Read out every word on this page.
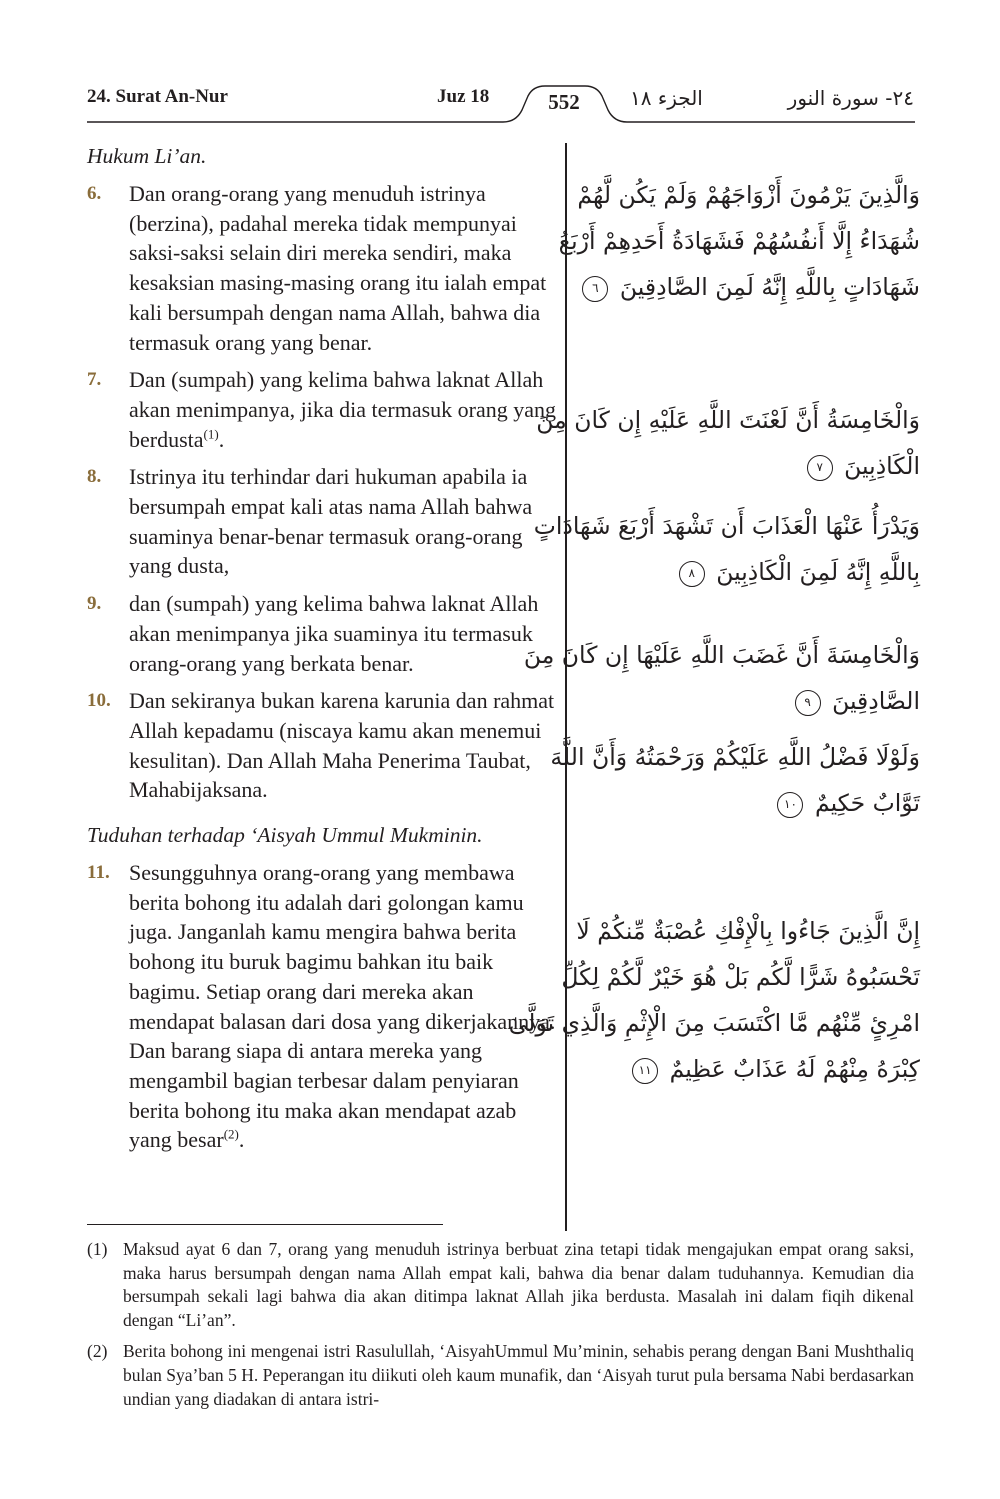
24. Surat An-Nur	Juz 18	552	الجزء ١٨	٢٤- سورة النور
Hukum Li’an.
6.	Dan orang-orang yang menuduh istrinya (berzina), padahal mereka tidak mempunyai saksi-saksi selain diri mereka sendiri, maka kesaksian masing-masing orang itu ialah empat kali bersumpah dengan nama Allah, bahwa dia termasuk orang yang benar.
7.	Dan (sumpah) yang kelima bahwa laknat Allah akan menimpanya, jika dia termasuk orang yang berdusta$^{(1)}$.
8.	Istrinya itu terhindar dari hukuman apabila ia bersumpah empat kali atas nama Allah bahwa suaminya benar-benar termasuk orang-orang yang dusta,
9.	dan (sumpah) yang kelima bahwa laknat Allah akan menimpanya jika suaminya itu termasuk orang-orang yang berkata benar.
10. Dan sekiranya bukan karena karunia dan rahmat Allah kepadamu (niscaya kamu akan menemui kesulitan). Dan Allah Maha Penerima Taubat, Mahabijaksana.
Tuduhan terhadap ‘Aisyah Ummul Mukminin.
11. Sesungguhnya orang-orang yang membawa berita bohong itu adalah dari golongan kamu juga. Janganlah kamu mengira bahwa berita bohong itu buruk bagimu bahkan itu baik bagimu. Setiap orang dari mereka akan mendapat balasan dari dosa yang dikerjakannya. Dan barang siapa di antara mereka yang mengambil bagian terbesar dalam penyiaran berita bohong itu maka akan mendapat azab yang besar$^{(2)}$.
وَالَّذِينَ يَرْمُونَ أَزْوَاجَهُمْ وَلَمْ يَكُن لَّهُمْ
شُهَدَاءُ إِلَّا أَنفُسُهُمْ فَشَهَادَةُ أَحَدِهِمْ أَرْبَعُ
شَهَادَاتٍ بِاللَّهِ إِنَّهُ لَمِنَ الصَّادِقِينَ ٦
وَالْخَامِسَةُ أَنَّ لَعْنَتَ اللَّهِ عَلَيْهِ إِن كَانَ مِنَ
الْكَاذِبِينَ ٧
وَيَدْرَأُ عَنْهَا الْعَذَابَ أَن تَشْهَدَ أَرْبَعَ شَهَادَاتٍ
بِاللَّهِ إِنَّهُ لَمِنَ الْكَاذِبِينَ ٨
وَالْخَامِسَةَ أَنَّ غَضَبَ اللَّهِ عَلَيْهَا إِن كَانَ مِنَ
الصَّادِقِينَ ٩
وَلَوْلَا فَضْلُ اللَّهِ عَلَيْكُمْ وَرَحْمَتُهُ وَأَنَّ اللَّهَ
تَوَّابٌ حَكِيمٌ ١٠
إِنَّ الَّذِينَ جَاءُوا بِالْإِفْكِ عُصْبَةٌ مِّنكُمْ لَا
تَحْسَبُوهُ شَرًّا لَّكُم بَلْ هُوَ خَيْرٌ لَّكُمْ لِكُلِّ
امْرِئٍ مِّنْهُم مَّا اكْتَسَبَ مِنَ الْإِثْمِ وَالَّذِي تَوَلَّىٰ
كِبْرَهُ مِنْهُمْ لَهُ عَذَابٌ عَظِيمٌ ١١
(1) Maksud ayat 6 dan 7, orang yang menuduh istrinya berbuat zina tetapi tidak mengajukan empat orang saksi, maka harus bersumpah dengan nama Allah empat kali, bahwa dia benar dalam tuduhannya. Kemudian dia bersumpah sekali lagi bahwa dia akan ditimpa laknat Allah jika berdusta. Masalah ini dalam fiqih dikenal dengan “Li’an”.
(2) Berita bohong ini mengenai istri Rasulullah, ‘AisyahUmmul Mu’minin, sehabis perang dengan Bani Mushthaliq bulan Sya’ban 5 H. Peperangan itu diikuti oleh kaum munafik, dan ‘Aisyah turut pula bersama Nabi berdasarkan undian yang diadakan di antara istri-
